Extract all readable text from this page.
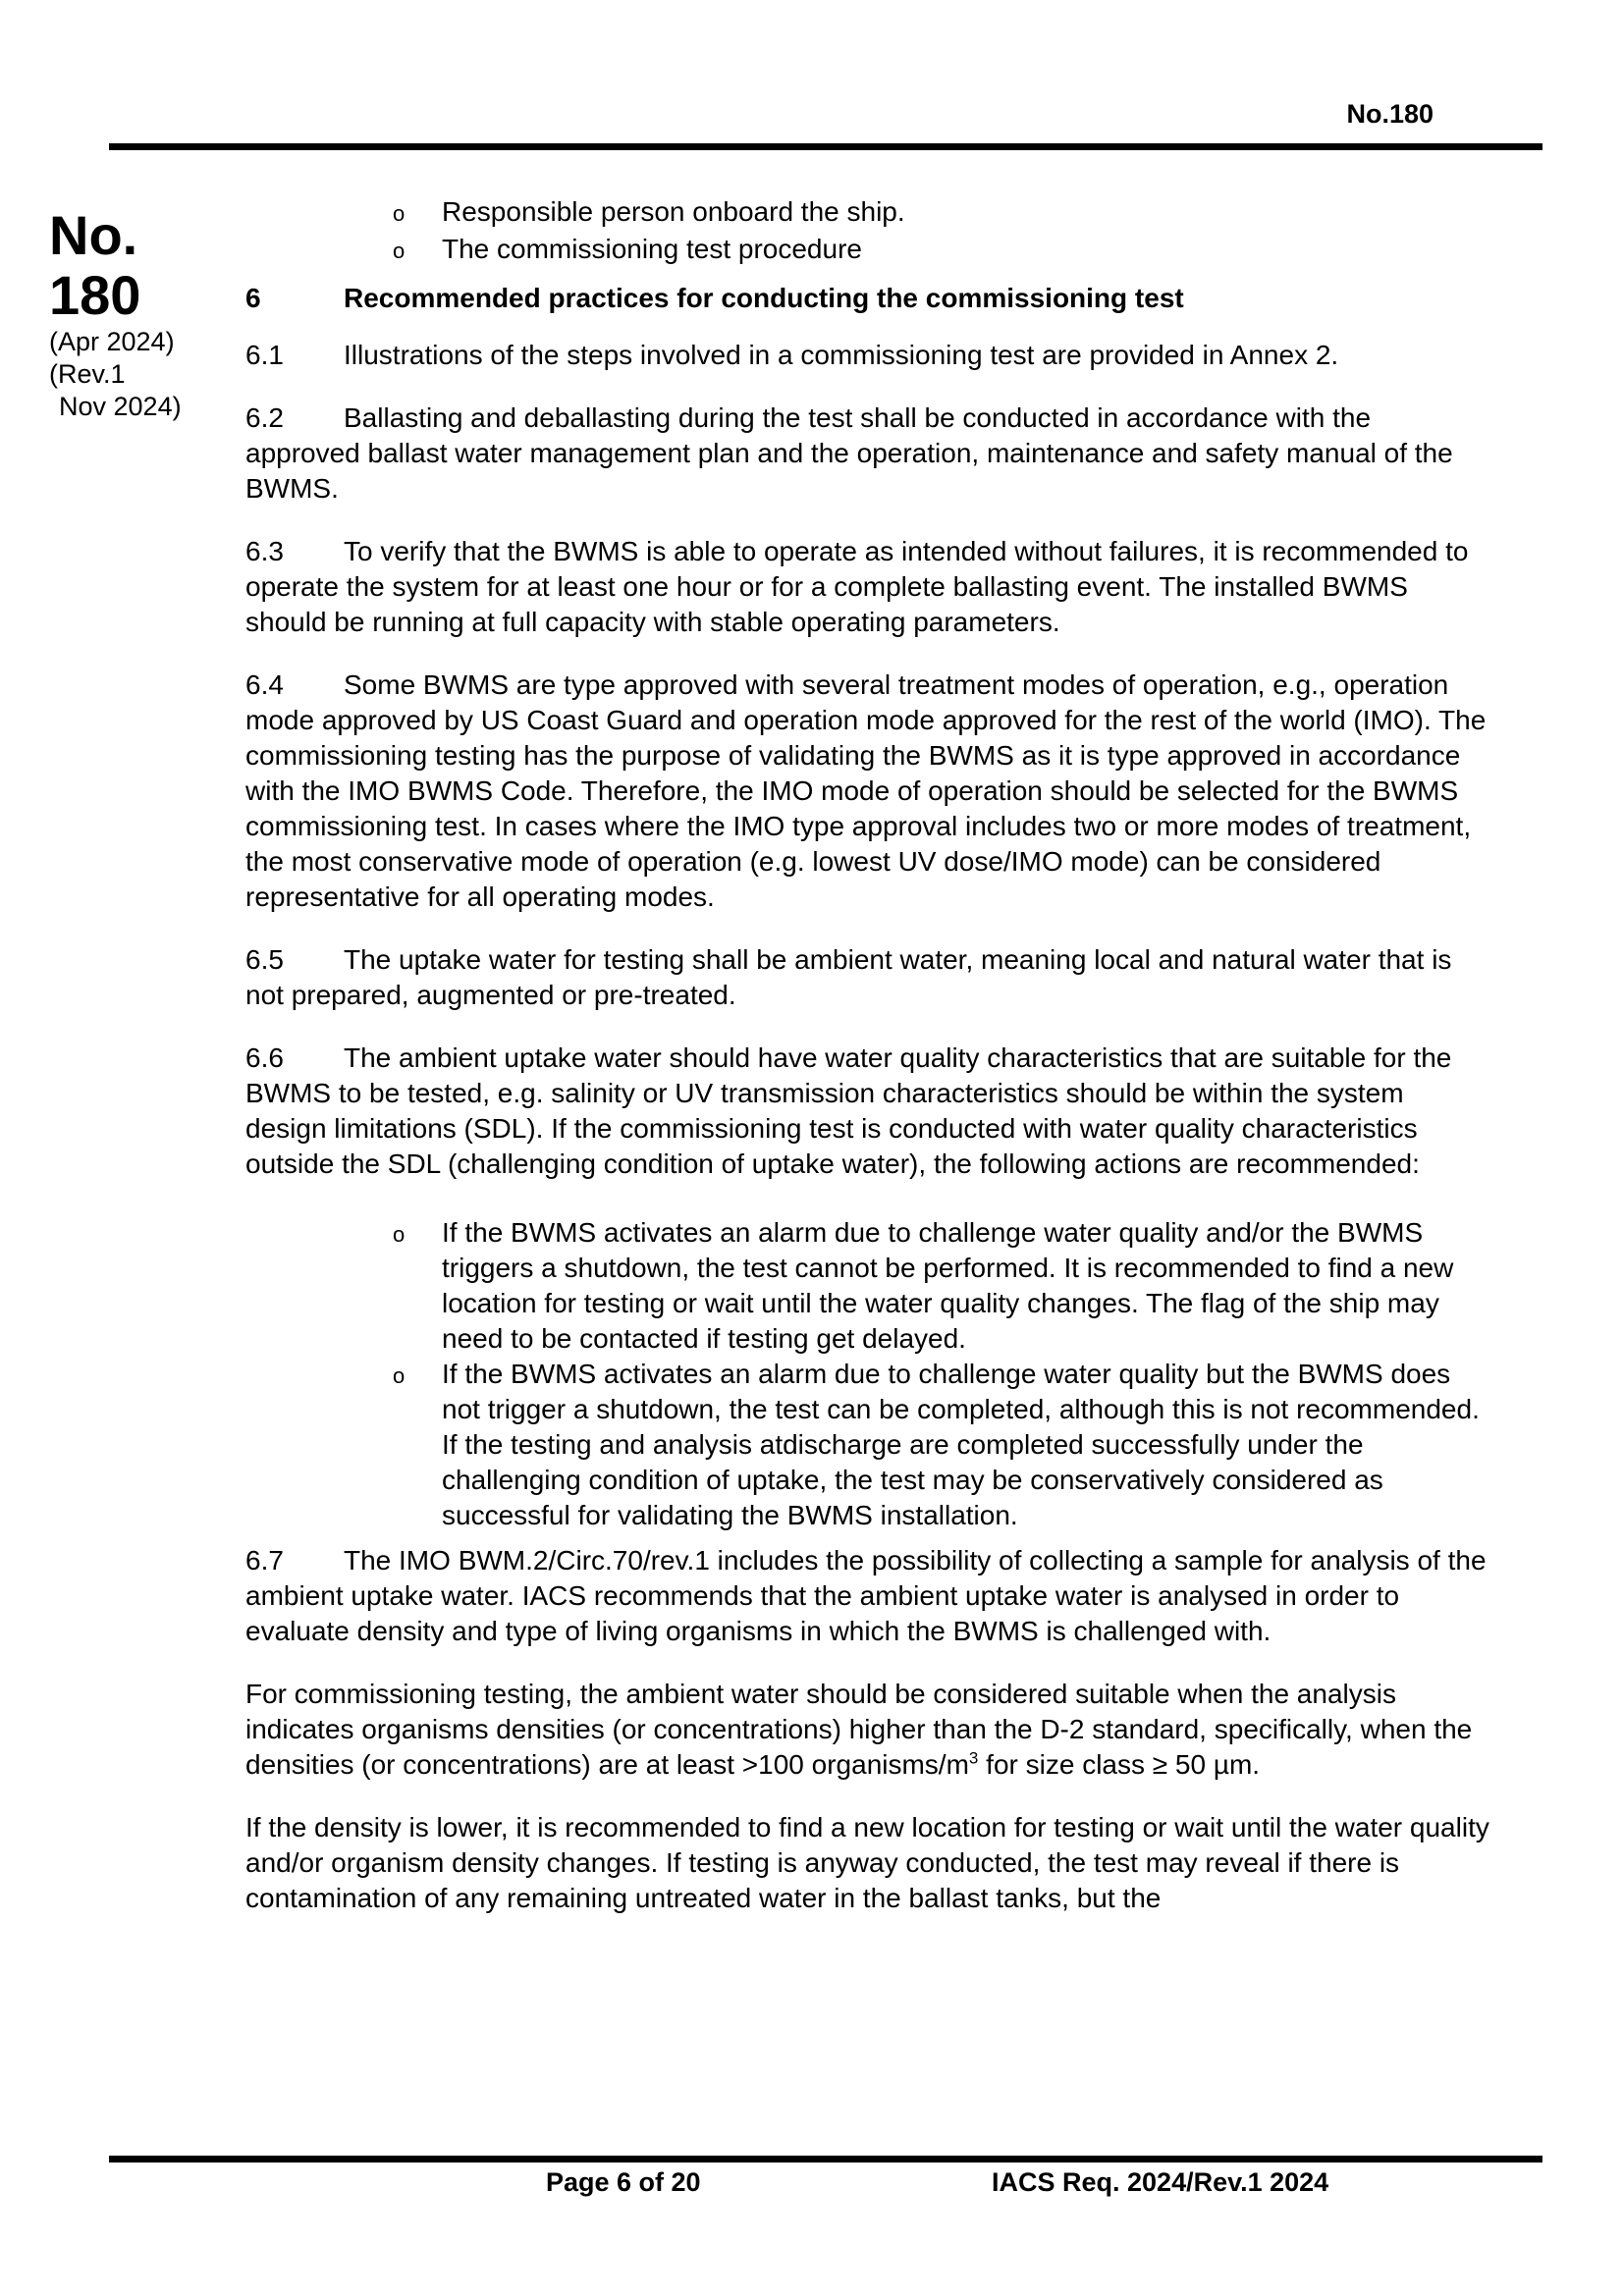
No.180
No.
180
(Apr 2024)
(Rev.1
Nov 2024)
o	Responsible person onboard the ship.
o	The commissioning test procedure
6	Recommended practices for conducting the commissioning test

6.1 Illustrations of the steps involved in a commissioning test are provided in Annex 2.

6.2 Ballasting and deballasting during the test shall be conducted in accordance with the approved ballast water management plan and the operation, maintenance and safety manual of the BWMS.

6.3 To verify that the BWMS is able to operate as intended without failures, it is recommended to operate the system for at least one hour or for a complete ballasting event. The installed BWMS should be running at full capacity with stable operating parameters.

6.4 Some BWMS are type approved with several treatment modes of operation, e.g., operation mode approved by US Coast Guard and operation mode approved for the rest of the world (IMO). The commissioning testing has the purpose of validating the BWMS as it is type approved in accordance with the IMO BWMS Code. Therefore, the IMO mode of operation should be selected for the BWMS commissioning test. In cases where the IMO type approval includes two or more modes of treatment, the most conservative mode of operation (e.g. lowest UV dose/IMO mode) can be considered representative for all operating modes.

6.5 The uptake water for testing shall be ambient water, meaning local and natural water that is not prepared, augmented or pre-treated.

6.6 The ambient uptake water should have water quality characteristics that are suitable for the BWMS to be tested, e.g. salinity or UV transmission characteristics should be within the system design limitations (SDL). If the commissioning test is conducted with water quality characteristics outside the SDL (challenging condition of uptake water), the following actions are recommended:

o	If the BWMS activates an alarm due to challenge water quality and/or the BWMS triggers a shutdown, the test cannot be performed. It is recommended to find a new location for testing or wait until the water quality changes. The flag of the ship may need to be contacted if testing get delayed.
o	If the BWMS activates an alarm due to challenge water quality but the BWMS does not trigger a shutdown, the test can be completed, although this is not recommended. If the testing and analysis atdischarge are completed successfully under the challenging condition of uptake, the test may be conservatively considered as successful for validating the BWMS installation.

6.7 The IMO BWM.2/Circ.70/rev.1 includes the possibility of collecting a sample for analysis of the ambient uptake water. IACS recommends that the ambient uptake water is analysed in order to evaluate density and type of living organisms in which the BWMS is challenged with.

For commissioning testing, the ambient water should be considered suitable when the analysis indicates organisms densities (or concentrations) higher than the D-2 standard, specifically, when the densities (or concentrations) are at least >100 organisms/$m^3$ for size class ≥ 50 µm.

If the density is lower, it is recommended to find a new location for testing or wait until the water quality and/or organism density changes. If testing is anyway conducted, the test may reveal if there is contamination of any remaining untreated water in the ballast tanks, but the

Page 6 of 20	IACS Req. 2024/Rev.1 2024
